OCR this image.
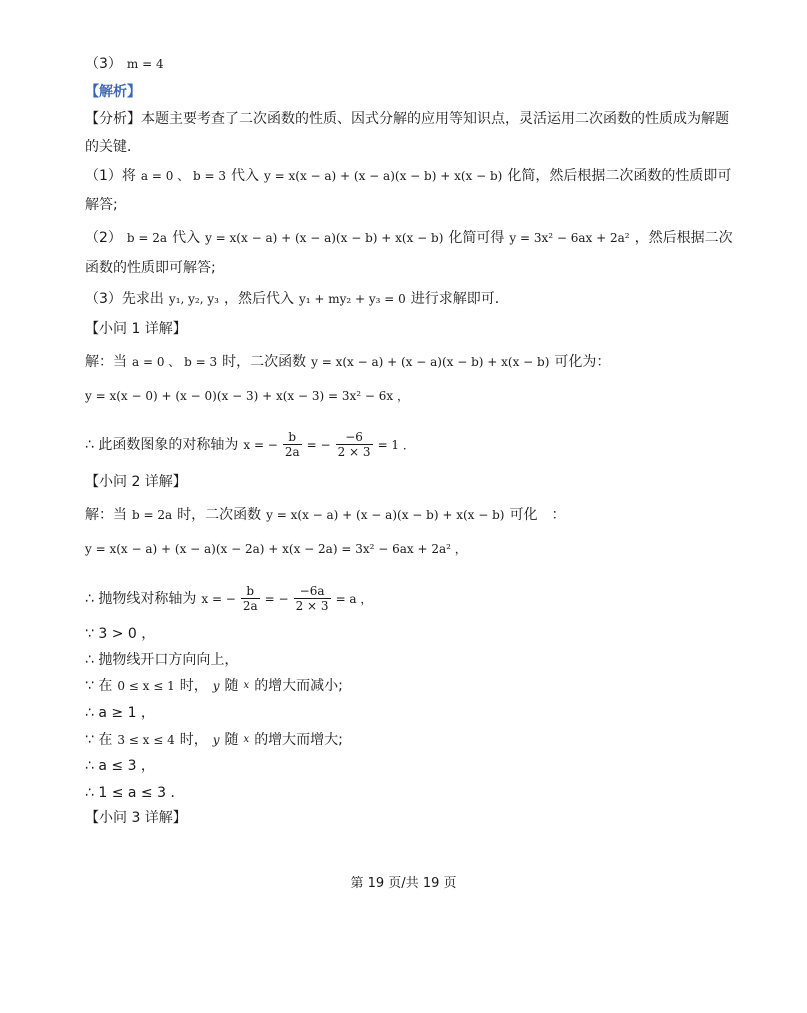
（3） m = 4
【解析】
【分析】本题主要考查了二次函数的性质、因式分解的应用等知识点，灵活运用二次函数的性质成为解题
的关键．
（1）将 a = 0 、 b = 3 代入 y = x(x − a) + (x − a)(x − b) + x(x − b) 化简，然后根据二次函数的性质即可
解答;
（2） b = 2a 代入 y = x(x − a) + (x − a)(x − b) + x(x − b) 化简可得 y = 3x² − 6ax + 2a² ，然后根据二次
函数的性质即可解答;
（3）先求出 y₁, y₂, y₃ ，然后代入 y₁ + my₂ + y₃ = 0 进行求解即可．
【小问 1 详解】
解：当 a = 0 、 b = 3 时，二次函数 y = x(x − a) + (x − a)(x − b) + x(x − b) 可化为：
y = x(x − 0) + (x − 0)(x − 3) + x(x − 3) = 3x² − 6x ，
∴ 此函数图象的对称轴为 x = − $\frac{b}{2a}$ = − $\frac{-6}{2 \times 3} = 1$ ．
【小问 2 详解】
解：当 b = 2a 时，二次函数 y = x(x − a) + (x − a)(x − b) + x(x − b) 可化　：
y = x(x − a) + (x − a)(x − 2a) + x(x − 2a) = 3x² − 6ax + 2a² ，
∴ 抛物线对称轴为 x = − $\frac{b}{2a}$ = − $\frac{-6a}{2 \times 3} = a$ ，
∵ 3 > 0 ，
∴ 抛物线开口方向向上，
∵ 在 0 ≤ x ≤ 1 时， y 随 x 的增大而减小;
∴ a ≥ 1 ，
∵ 在 3 ≤ x ≤ 4 时， y 随 x 的增大而增大;
∴ a ≤ 3 ，
∴ 1 ≤ a ≤ 3 ．
【小问 3 详解】
第 19 页/共 19 页
